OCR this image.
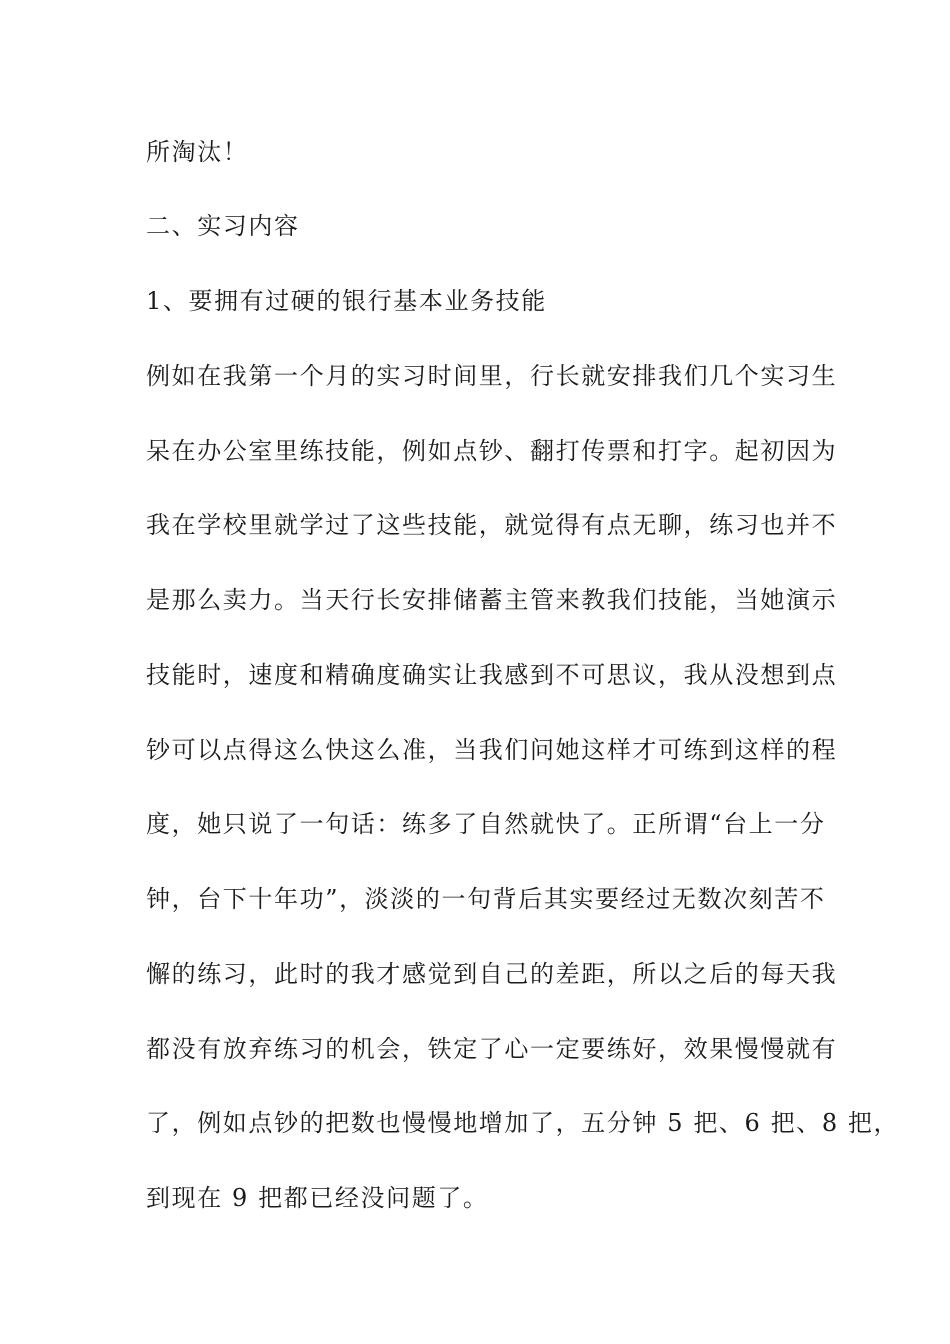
所淘汰！
二、实习内容
1、要拥有过硬的银行基本业务技能
例如在我第一个月的实习时间里，行长就安排我们几个实习生
呆在办公室里练技能，例如点钞、翻打传票和打字。起初因为
我在学校里就学过了这些技能，就觉得有点无聊，练习也并不
是那么卖力。当天行长安排储蓄主管来教我们技能，当她演示
技能时，速度和精确度确实让我感到不可思议，我从没想到点
钞可以点得这么快这么准，当我们问她这样才可练到这样的程
度，她只说了一句话：练多了自然就快了。正所谓“台上一分
钟，台下十年功”，淡淡的一句背后其实要经过无数次刻苦不
懈的练习，此时的我才感觉到自己的差距，所以之后的每天我
都没有放弃练习的机会，铁定了心一定要练好，效果慢慢就有
了，例如点钞的把数也慢慢地增加了，五分钟 5 把、6 把、8 把，
到现在 9 把都已经没问题了。
